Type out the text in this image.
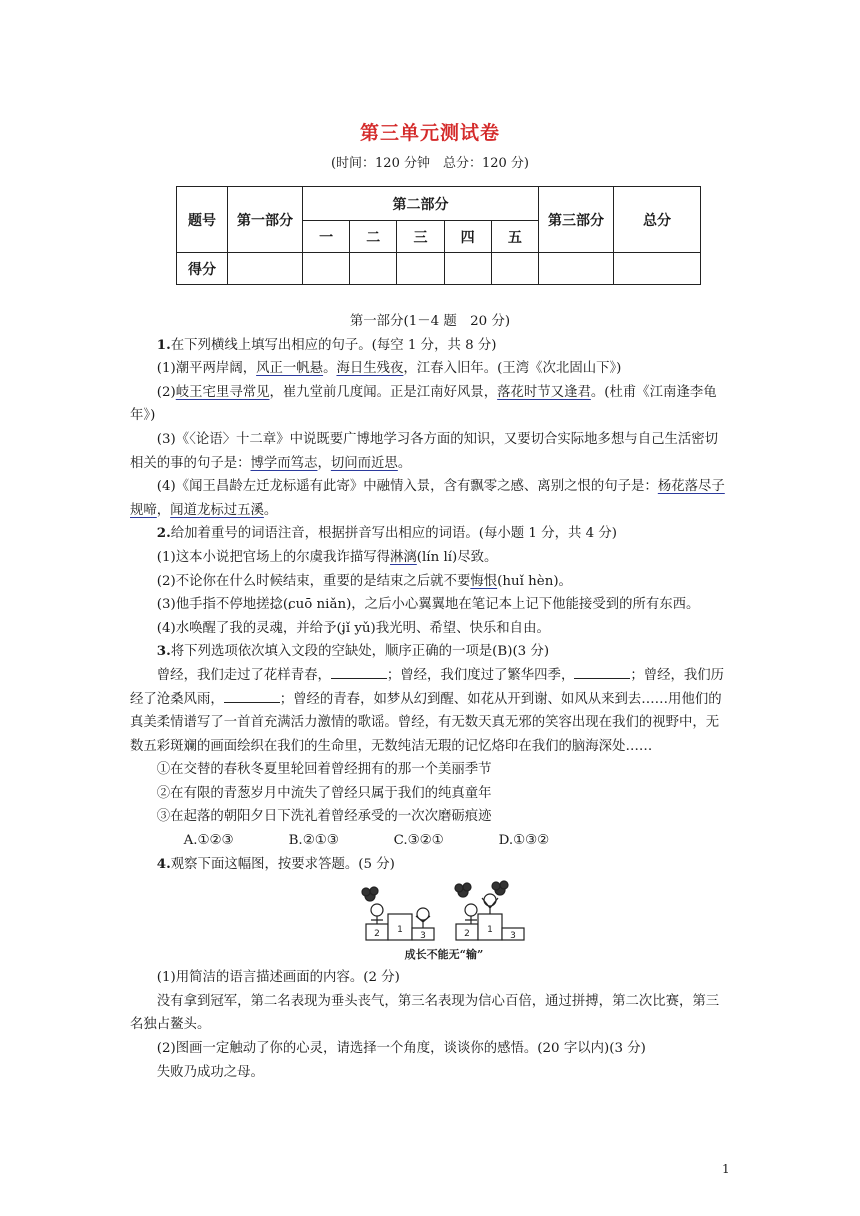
第三单元测试卷
(时间：120 分钟　总分：120 分)
题号	第一部分	第二部分					第三部分	总分
		一	二	三	四	五		
得分								

第一部分(1－4 题　20 分)

1.在下列横线上填写出相应的句子。(每空 1 分，共 8 分)

(1)潮平两岸阔，风正一帆悬。海日生残夜，江春入旧年。(王湾《次北固山下》)

(2)岐王宅里寻常见，崔九堂前几度闻。正是江南好风景，落花时节又逢君。(杜甫《江南逢李龟年》)

(3)《〈论语〉十二章》中说既要广博地学习各方面的知识，又要切合实际地多想与自己生活密切相关的事的句子是：博学而笃志，切问而近思。

(4)《闻王昌龄左迁龙标遥有此寄》中融情入景，含有飘零之感、离别之恨的句子是：杨花落尽子规啼，闻道龙标过五溪。

2.给加着重号的词语注音，根据拼音写出相应的词语。(每小题 1 分，共 4 分)

(1)这本小说把官场上的尔虞我诈描写得淋漓(lín lí)尽致。

(2)不论你在什么时候结束，重要的是结束之后就不要悔恨(huǐ hèn)。

(3)他手指不停地搓捻(cuō niǎn)，之后小心翼翼地在笔记本上记下他能接受到的所有东西。

(4)水唤醒了我的灵魂，并给予(jǐ yǔ)我光明、希望、快乐和自由。

3.将下列选项依次填入文段的空缺处，顺序正确的一项是(B)(3 分)

曾经，我们走过了花样青春，	；曾经，我们度过了繁华四季，	；曾经，我们历经了沧桑风雨，	；曾经的青春，如梦从幻到醒、如花从开到谢、如风从来到去……用他们的真美柔情谱写了一首首充满活力激情的歌谣。曾经，有无数天真无邪的笑容出现在我们的视野中，无数五彩斑斓的画面绘织在我们的生命里，无数纯洁无瑕的记忆烙印在我们的脑海深处……

①在交替的春秋冬夏里轮回着曾经拥有的那一个美丽季节

②在有限的青葱岁月中流失了曾经只属于我们的纯真童年

③在起落的朝阳夕日下洗礼着曾经承受的一次次磨砺痕迹

A.①②③	B.②①③	C.③②①	D.①③②

4.观察下面这幅图，按要求答题。(5 分)

2 1
3	2 1
3
成长不能无“输”

(1)用简洁的语言描述画面的内容。(2 分)

没有拿到冠军，第二名表现为垂头丧气，第三名表现为信心百倍，通过拼搏，第二次比赛，第三名独占鳌头。

(2)图画一定触动了你的心灵，请选择一个角度，谈谈你的感悟。(20 字以内)(3 分)

失败乃成功之母。

1
